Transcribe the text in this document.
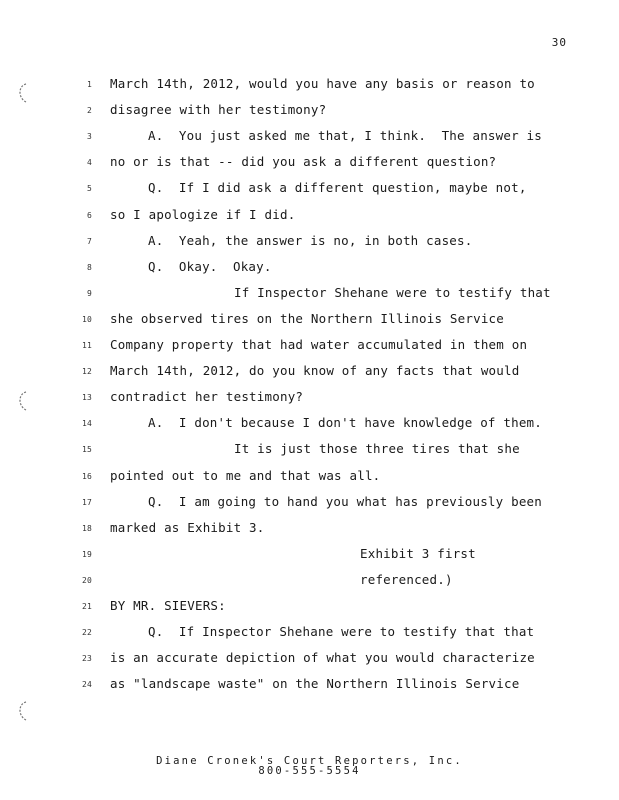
30
1 March 14th, 2012, would you have any basis or reason to
2 disagree with her testimony?
3	A.  You just asked me that, I think.  The answer is
4 no or is that -- did you ask a different question?
5	Q.  If I did ask a different question, maybe not,
6 so I apologize if I did.
7	A.  Yeah, the answer is no, in both cases.
8	Q.  Okay.  Okay.
9	If Inspector Shehane were to testify that
10 she observed tires on the Northern Illinois Service
11 Company property that had water accumulated in them on
12 March 14th, 2012, do you know of any facts that would
13 contradict her testimony?
14	A.  I don't because I don't have knowledge of them.
15	It is just those three tires that she
16 pointed out to me and that was all.
17	Q.  I am going to hand you what has previously been
18 marked as Exhibit 3.
19	Exhibit 3 first
20	referenced.)
21 BY MR. SIEVERS:
22	Q.  If Inspector Shehane were to testify that that
23 is an accurate depiction of what you would characterize
24 as "landscape waste" on the Northern Illinois Service
Diane Cronek's Court Reporters, Inc.
800-555-5554
